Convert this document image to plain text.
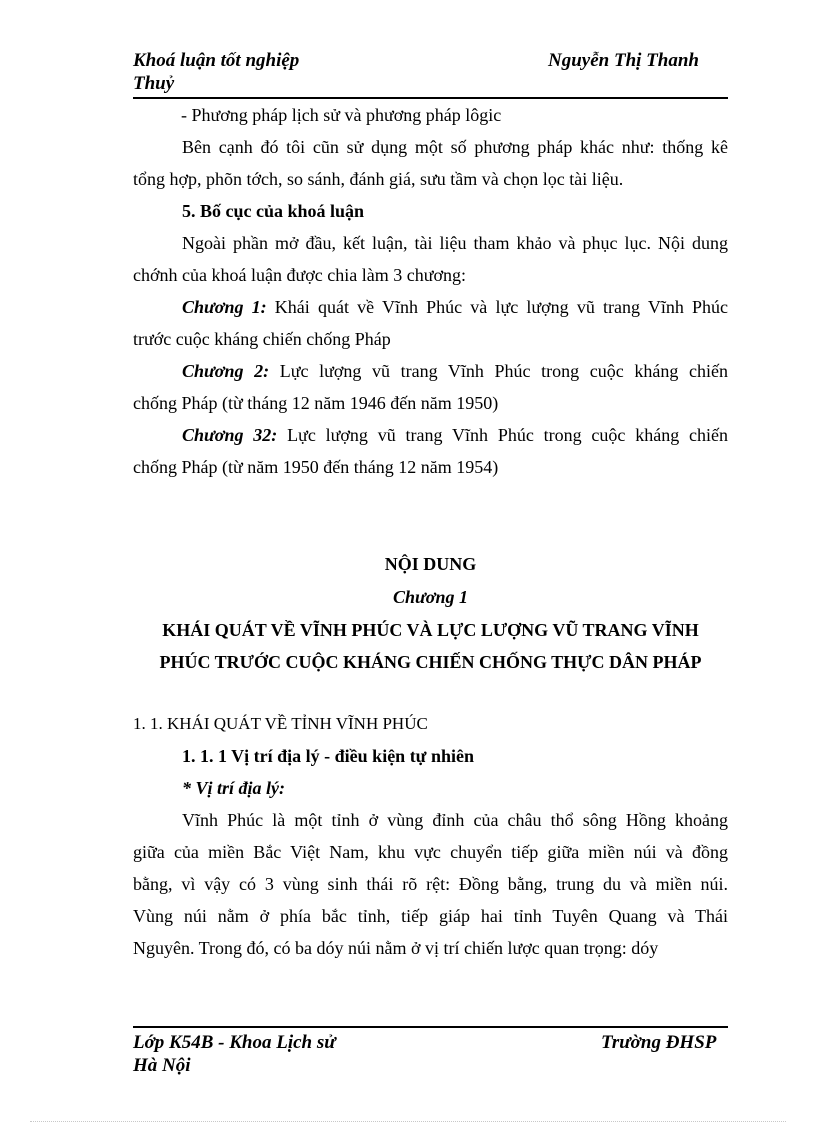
Khoá luận tốt nghiệp	Nguyễn Thị Thanh
Thuỷ
- Phương pháp lịch sử và phương pháp lôgic
Bên cạnh đó tôi cũn sử dụng một số phương pháp khác như: thống kê
tổng hợp, phõn tớch, so sánh, đánh giá, sưu tầm và chọn lọc tài liệu.
5. Bố cục của khoá luận
Ngoài phần mở đầu, kết luận, tài liệu tham khảo và phục lục. Nội dung
chớnh của khoá luận được chia làm 3 chương:
Chương 1: Khái quát về Vĩnh Phúc và lực lượng vũ trang Vĩnh Phúc
trước cuộc kháng chiến chống Pháp
Chương 2: Lực lượng vũ trang Vĩnh Phúc trong cuộc kháng chiến
chống Pháp (từ tháng 12 năm 1946 đến năm 1950)
Chương 32: Lực lượng vũ trang Vĩnh Phúc trong cuộc kháng chiến
chống Pháp (từ năm 1950 đến tháng 12 năm 1954)
NỘI DUNG
Chương 1
KHÁI QUÁT VỀ VĨNH PHÚC VÀ LỰC LƯỢNG VŨ TRANG VĨNH
PHÚC TRƯỚC CUỘC KHÁNG CHIẾN CHỐNG THỰC DÂN PHÁP
1. 1. KHÁI QUÁT VỀ TỈNH VĨNH PHÚC
1. 1. 1 Vị trí địa lý - điều kiện tự nhiên
* Vị trí địa lý:
Vĩnh Phúc là một tỉnh ở vùng đỉnh của châu thổ sông Hồng khoảng
giữa của miền Bắc Việt Nam, khu vực chuyển tiếp giữa miền núi và đồng
bằng, vì vậy có 3 vùng sinh thái rõ rệt: Đồng bằng, trung du và miền núi.
Vùng núi nằm ở phía bắc tỉnh, tiếp giáp hai tỉnh Tuyên Quang và Thái
Nguyên. Trong đó, có ba dóy núi nằm ở vị trí chiến lược quan trọng: dóy
Lớp K54B - Khoa Lịch sử	Trường ĐHSP
Hà Nội
